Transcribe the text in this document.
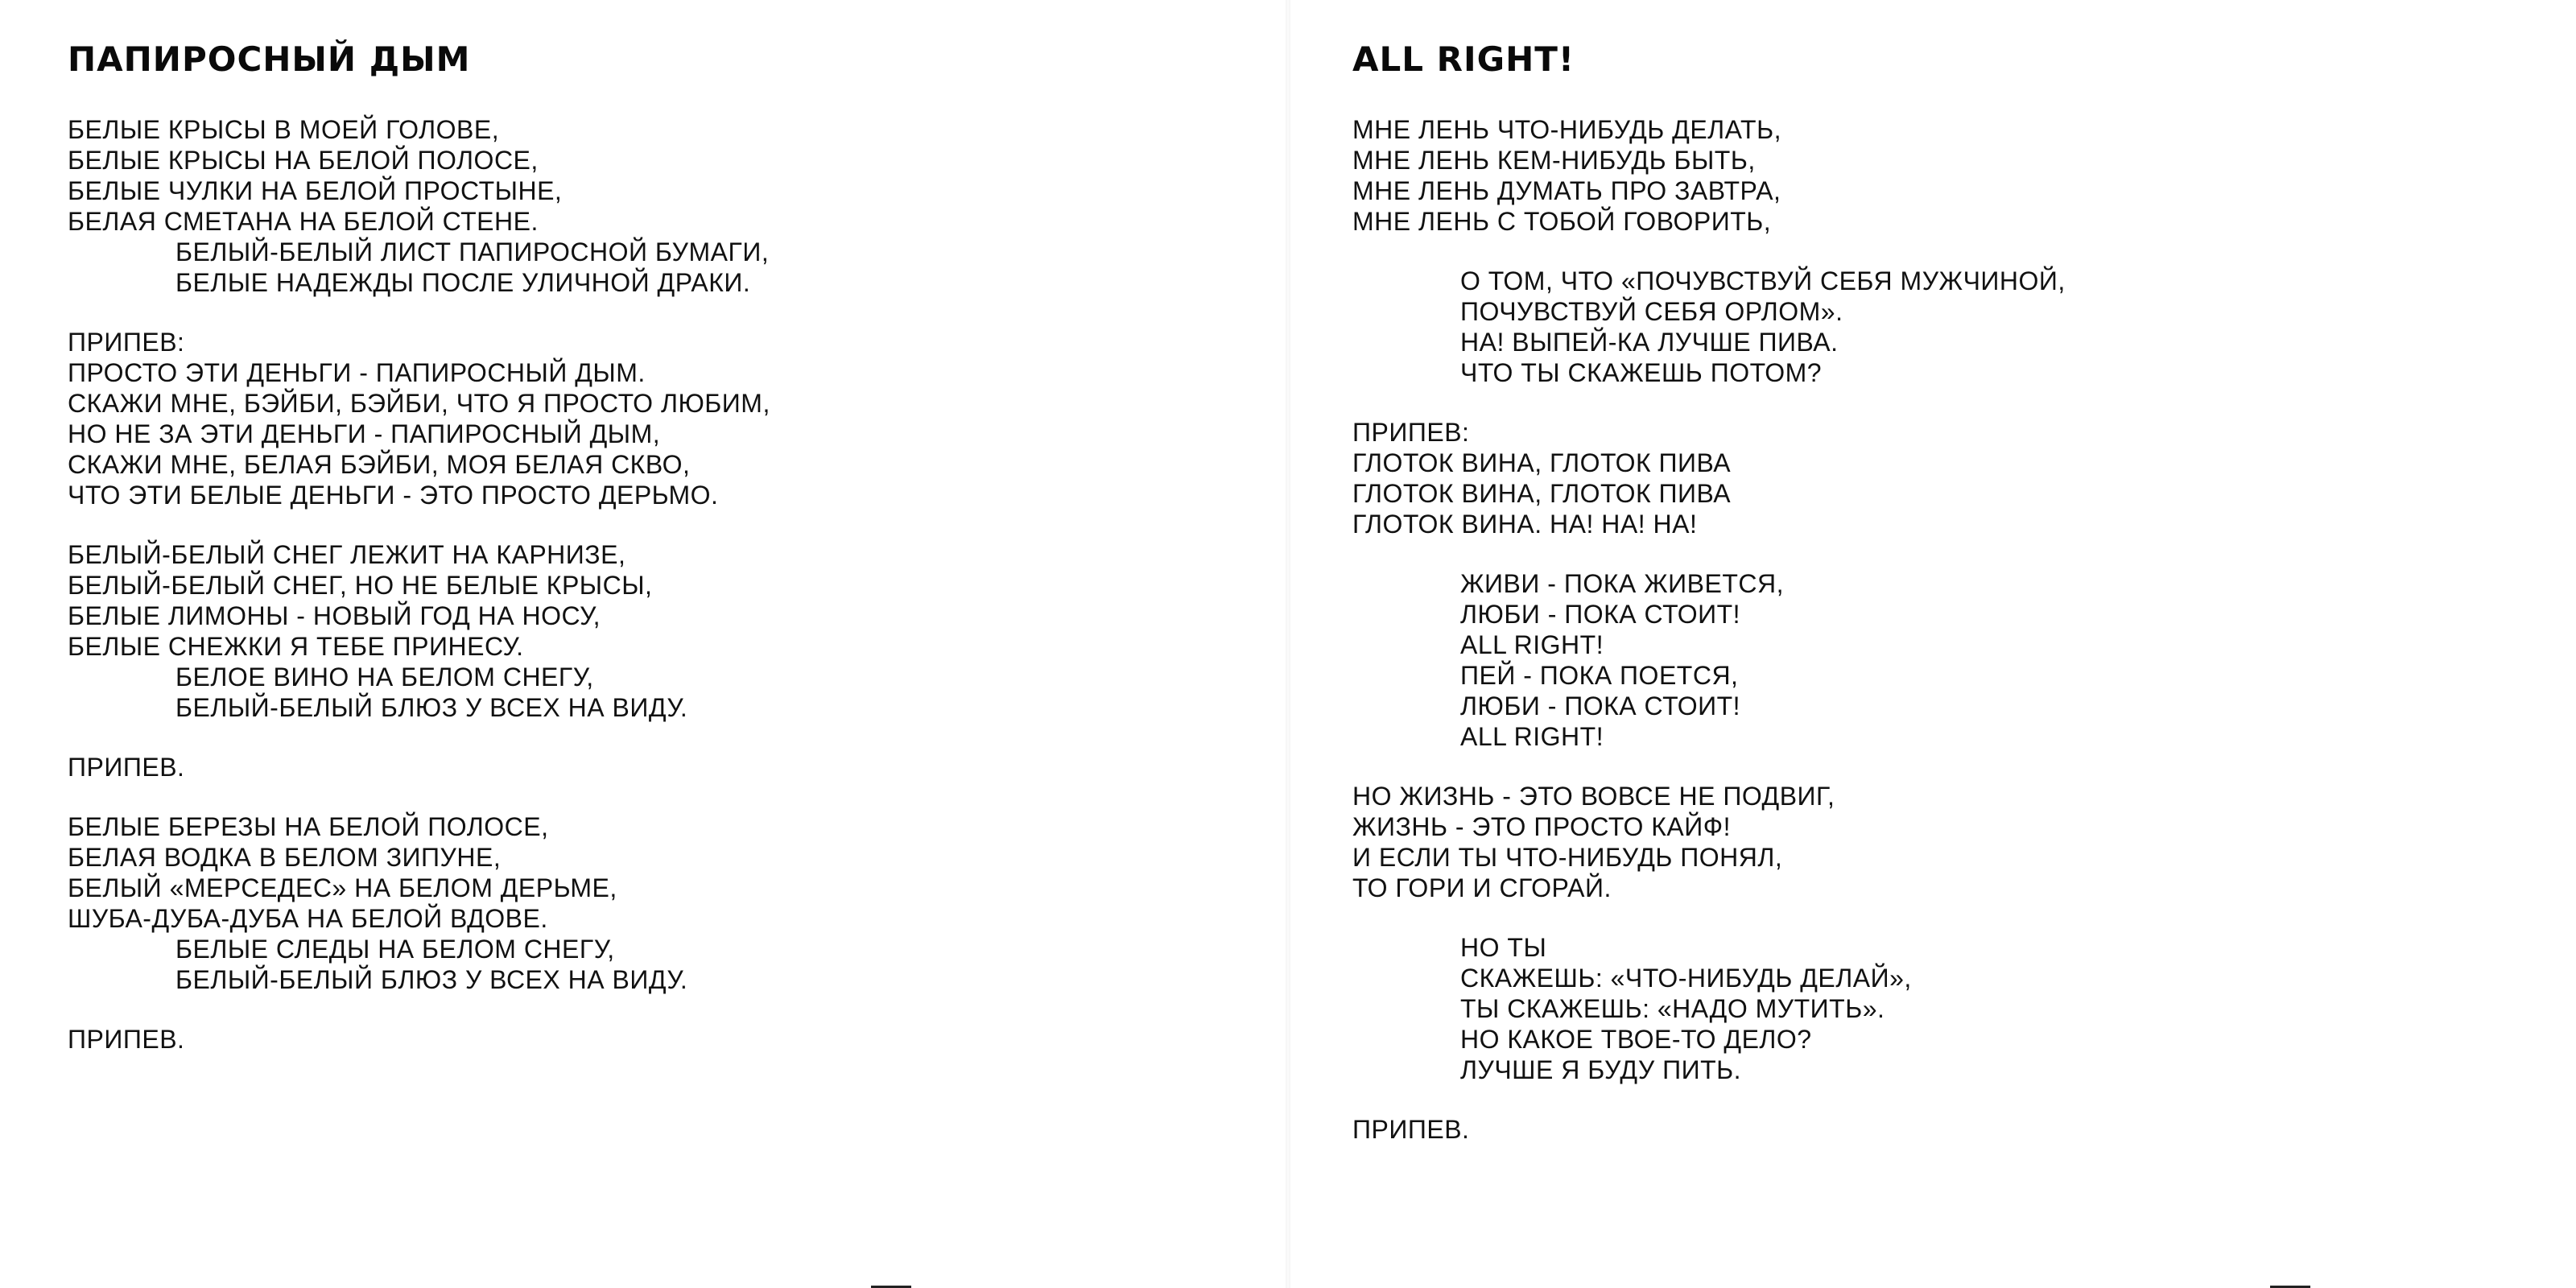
ПАПИРОСНЫЙ ДЫМ
БЕЛЫЕ КРЫСЫ В МОЕЙ ГОЛОВЕ,
БЕЛЫЕ КРЫСЫ НА БЕЛОЙ ПОЛОСЕ,
БЕЛЫЕ ЧУЛКИ НА БЕЛОЙ ПРОСТЫНЕ,
БЕЛАЯ СМЕТАНА НА БЕЛОЙ СТЕНЕ.
БЕЛЫЙ-БЕЛЫЙ ЛИСТ ПАПИРОСНОЙ БУМАГИ,
БЕЛЫЕ НАДЕЖДЫ ПОСЛЕ УЛИЧНОЙ ДРАКИ.
ПРИПЕВ:
ПРОСТО ЭТИ ДЕНЬГИ - ПАПИРОСНЫЙ ДЫМ.
СКАЖИ МНЕ, БЭЙБИ, БЭЙБИ, ЧТО Я ПРОСТО ЛЮБИМ,
НО НЕ ЗА ЭТИ ДЕНЬГИ - ПАПИРОСНЫЙ ДЫМ,
СКАЖИ МНЕ, БЕЛАЯ БЭЙБИ, МОЯ БЕЛАЯ СКВО,
ЧТО ЭТИ БЕЛЫЕ ДЕНЬГИ - ЭТО ПРОСТО ДЕРЬМО.
БЕЛЫЙ-БЕЛЫЙ СНЕГ ЛЕЖИТ НА КАРНИЗЕ,
БЕЛЫЙ-БЕЛЫЙ СНЕГ, НО НЕ БЕЛЫЕ КРЫСЫ,
БЕЛЫЕ ЛИМОНЫ - НОВЫЙ ГОД НА НОСУ,
БЕЛЫЕ СНЕЖКИ Я ТЕБЕ ПРИНЕСУ.
БЕЛОЕ ВИНО НА БЕЛОМ СНЕГУ,
БЕЛЫЙ-БЕЛЫЙ БЛЮЗ У ВСЕХ НА ВИДУ.
ПРИПЕВ.
БЕЛЫЕ БЕРЕЗЫ НА БЕЛОЙ ПОЛОСЕ,
БЕЛАЯ ВОДКА В БЕЛОМ ЗИПУНЕ,
БЕЛЫЙ «МЕРСЕДЕС» НА БЕЛОМ ДЕРЬМЕ,
ШУБА-ДУБА-ДУБА НА БЕЛОЙ ВДОВЕ.
БЕЛЫЕ СЛЕДЫ НА БЕЛОМ СНЕГУ,
БЕЛЫЙ-БЕЛЫЙ БЛЮЗ У ВСЕХ НА ВИДУ.
ПРИПЕВ.
ALL RIGHT!
МНЕ ЛЕНЬ ЧТО-НИБУДЬ ДЕЛАТЬ,
МНЕ ЛЕНЬ КЕМ-НИБУДЬ БЫТЬ,
МНЕ ЛЕНЬ ДУМАТЬ ПРО ЗАВТРА,
МНЕ ЛЕНЬ С ТОБОЙ ГОВОРИТЬ,
О ТОМ, ЧТО «ПОЧУВСТВУЙ СЕБЯ МУЖЧИНОЙ,
ПОЧУВСТВУЙ СЕБЯ ОРЛОМ».
НА! ВЫПЕЙ-КА ЛУЧШЕ ПИВА.
ЧТО ТЫ СКАЖЕШЬ ПОТОМ?
ПРИПЕВ:
ГЛОТОК ВИНА, ГЛОТОК ПИВА
ГЛОТОК ВИНА, ГЛОТОК ПИВА
ГЛОТОК ВИНА. НА! НА! НА!
ЖИВИ - ПОКА ЖИВЕТСЯ,
ЛЮБИ - ПОКА СТОИТ!
ALL RIGHT!
ПЕЙ - ПОКА ПОЕТСЯ,
ЛЮБИ - ПОКА СТОИТ!
ALL RIGHT!
НО ЖИЗНЬ - ЭТО ВОВСЕ НЕ ПОДВИГ,
ЖИЗНЬ - ЭТО ПРОСТО КАЙФ!
И ЕСЛИ ТЫ ЧТО-НИБУДЬ ПОНЯЛ,
ТО ГОРИ И СГОРАЙ.
НО ТЫ
СКАЖЕШЬ: «ЧТО-НИБУДЬ ДЕЛАЙ»,
ТЫ СКАЖЕШЬ: «НАДО МУТИТЬ».
НО КАКОЕ ТВОЕ-ТО ДЕЛО?
ЛУЧШЕ Я БУДУ ПИТЬ.
ПРИПЕВ.
